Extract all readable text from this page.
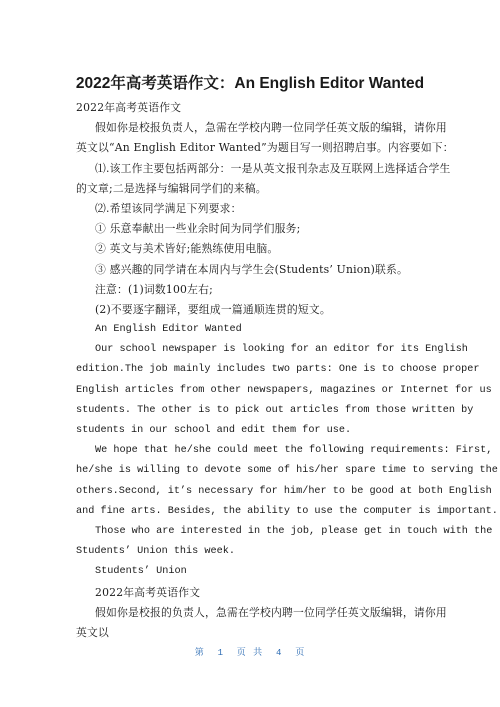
2022年高考英语作文：An English Editor Wanted
2022年高考英语作文
假如你是校报负责人，急需在学校内聘一位同学任英文版的编辑，请你用
英文以“An English Editor Wanted”为题目写一则招聘启事。内容要如下：
⑴.该工作主要包括两部分：一是从英文报刊杂志及互联网上选择适合学生
的文章;二是选择与编辑同学们的来稿。
⑵.希望该同学满足下列要求：
① 乐意奉献出一些业余时间为同学们服务;
② 英文与美术皆好;能熟练使用电脑。
③ 感兴趣的同学请在本周内与学生会(Students’ Union)联系。
注意：(1)词数100左右;
(2)不要逐字翻译，要组成一篇通顺连贯的短文。
An English Editor Wanted
Our school newspaper is looking for an editor for its English
edition.The job mainly includes two parts: One is to choose proper
English articles from other newspapers, magazines or Internet for us
students. The other is to pick out articles from those written by
students in our school and edit them for use.
We hope that he/she could meet the following requirements: First,
he/she is willing to devote some of his/her spare time to serving the
others.Second, it’s necessary for him/her to be good at both English
and fine arts. Besides, the ability to use the computer is important.
Those who are interested in the job, please get in touch with the
Students’ Union this week.
Students’ Union
2022年高考英语作文
假如你是校报的负责人，急需在学校内聘一位同学任英文版编辑，请你用
英文以
第  1  页 共  4  页
